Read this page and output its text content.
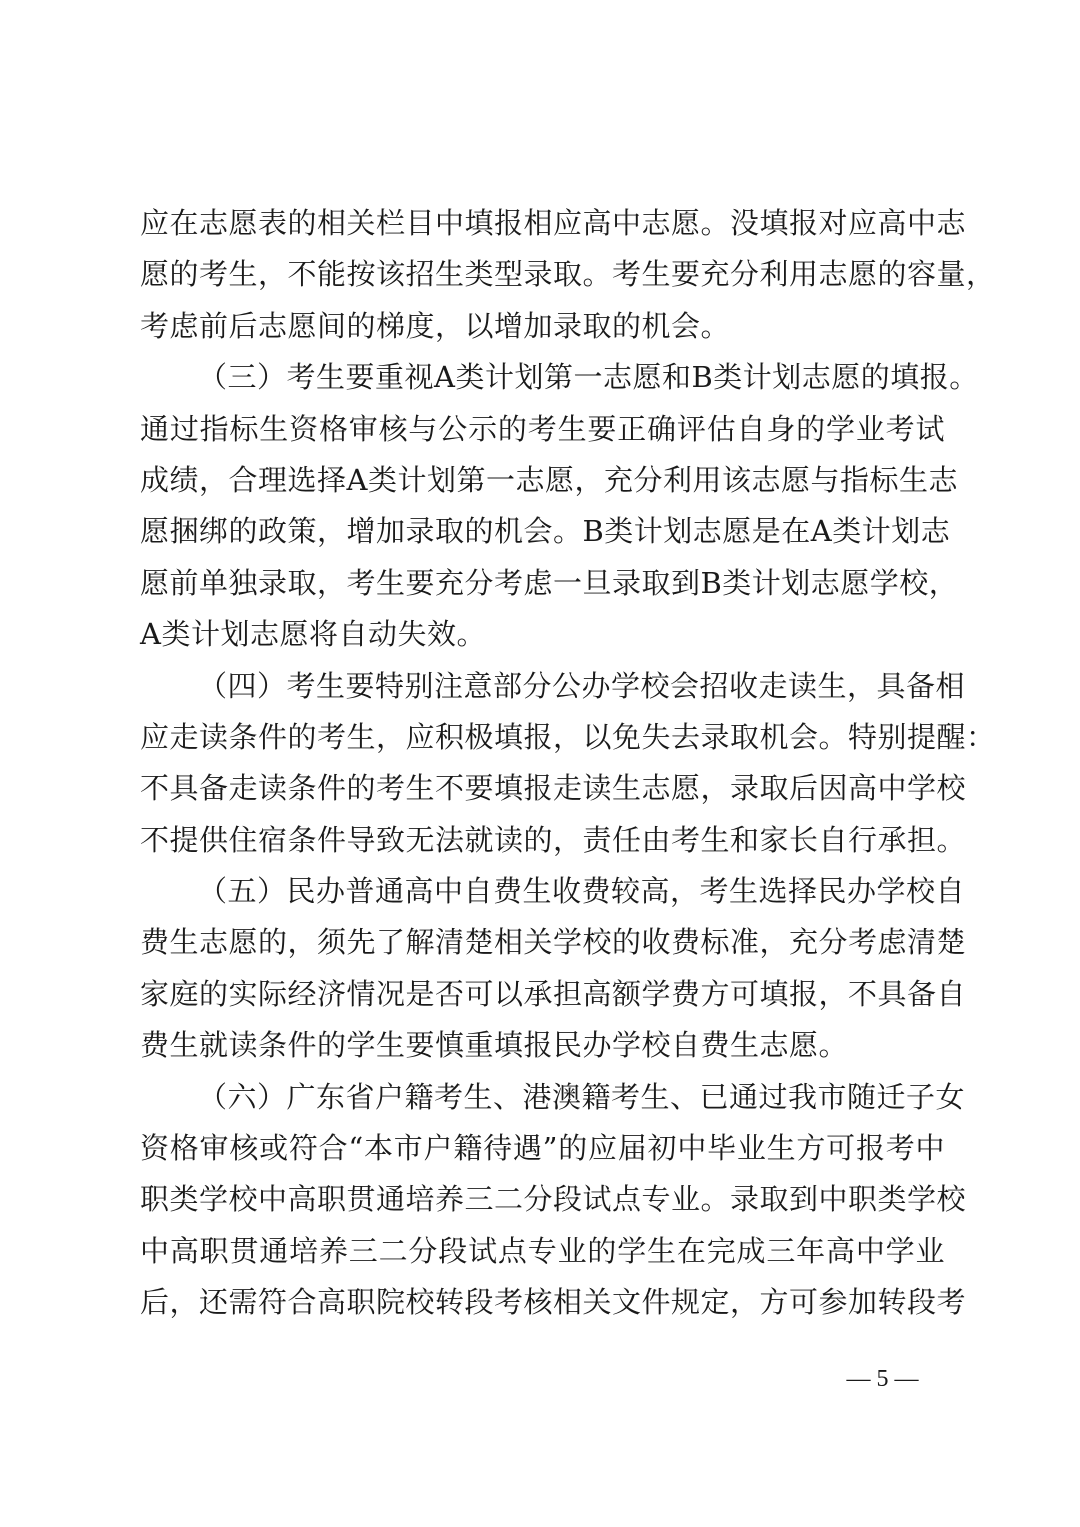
应在志愿表的相关栏目中填报相应高中志愿。没填报对应高中志
愿的考生，不能按该招生类型录取。考生要充分利用志愿的容量，
考虑前后志愿间的梯度，以增加录取的机会。
（三）考生要重视A类计划第一志愿和B类计划志愿的填报。
通过指标生资格审核与公示的考生要正确评估自身的学业考试
成绩，合理选择A类计划第一志愿，充分利用该志愿与指标生志
愿捆绑的政策，增加录取的机会。B类计划志愿是在A类计划志
愿前单独录取，考生要充分考虑一旦录取到B类计划志愿学校，
A类计划志愿将自动失效。
（四）考生要特别注意部分公办学校会招收走读生，具备相
应走读条件的考生，应积极填报，以免失去录取机会。特别提醒：
不具备走读条件的考生不要填报走读生志愿，录取后因高中学校
不提供住宿条件导致无法就读的，责任由考生和家长自行承担。
（五）民办普通高中自费生收费较高，考生选择民办学校自
费生志愿的，须先了解清楚相关学校的收费标准，充分考虑清楚
家庭的实际经济情况是否可以承担高额学费方可填报，不具备自
费生就读条件的学生要慎重填报民办学校自费生志愿。
（六）广东省户籍考生、港澳籍考生、已通过我市随迁子女
资格审核或符合“本市户籍待遇”的应届初中毕业生方可报考中
职类学校中高职贯通培养三二分段试点专业。录取到中职类学校
中高职贯通培养三二分段试点专业的学生在完成三年高中学业
后，还需符合高职院校转段考核相关文件规定，方可参加转段考
— 5 —
